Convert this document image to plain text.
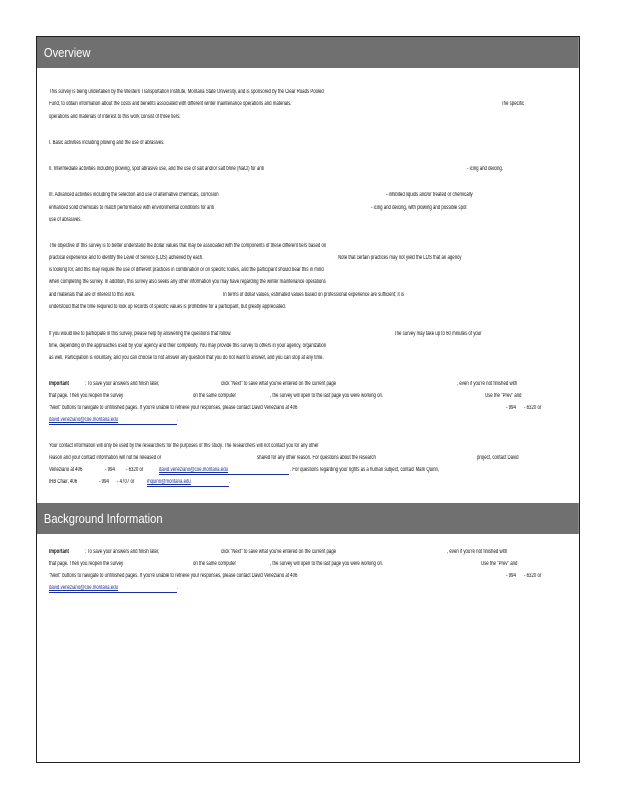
Overview
This survey is being undertaken by the Western Transportation Institute, Montana State University, and is sponsored by the Clear Roads Pooled
Fund, to obtain information about the costs and benefits associated with different winter maintenance operations and materials.	The specific
operations and materials of interest to this work consist of three tiers:
I. Basic activities including plowing and the use of abrasives.
II. Intermediate activities including plowing, spot abrasive use, and the use of salt and/or salt brine (NaCl) for anti	- icing and deicing.
III. Advanced activities including the selection and use of alternative chemicals, corrosion	- inhibited liquids and/or treated or chemically
enhanced solid chemicals to match performance with environmental conditions for anti	- icing and deicing, with plowing and possible spot
use of abrasives.
The objective of this survey is to better understand the dollar values that may be associated with the components of these different tiers based on
practical experience and to identify the Level of Service (LOS) achieved by each.	Note that certain practices may not yield the LOS that an agency
is looking for, and this may require the use of different practices in combination or on specific routes, and the participant should bear this in mind
when completing the survey. In addition, this survey also seeks any other information you may have regarding the winter maintenance operations
and materials that are of interest to this work.	In terms of dollar values, estimated values based on professional experience are sufficient; it is
understood that the time required to look up records of specific values is prohibitive for a participant, but greatly appreciated.
If you would like to participate in this survey, please help by answering the questions that follow.	The survey may take up to 60 minutes of your
time, depending on the approaches used by your agency and their complexity. You may provide this survey to others in your agency, organization
as well. Participation is voluntary, and you can choose to not answer any question that you do not want to answer, and you can stop at any time.
Important	: To save your answers and finish later,	click "Next" to save what you've entered on the current page	, even if you're not finished with
that page. Then you reopen the survey	on the same computer	, the survey will open to the last page you were working on.	Use the "Prev" and
"Next" buttons to navigate to unfinished pages. If you're unable to retrieve your responses, please contact David Veneziano at 406	- 994 - 6320 or
david.veneziano@coe.montana.edu	.
Your contact information will only be used by the researchers for the purposes of this study. The researchers will not contact you for any other
reason and your contact information will not be released or	shared for any other reason. For questions about the research	project, contact David
Veneziano at 406	- 994 - 6320 or	david.veneziano@coe.montana.edu	. For questions regarding your rights as a human subject, contact Mark Quinn,
IRB Chair, 406	- 994 - 4707 or mquinn@montana.edu	.
Background Information
Important	: To save your answers and finish later,	click "Next" to save what you've entered on the current page	, even if you're not finished with
that page. Then you reopen the survey	on the same computer	, the survey will open to the last page you were working on.	Use the "Prev" and
"Next" buttons to navigate to unfinished pages. If you're unable to retrieve your responses, please contact David Veneziano at 406	- 994 - 6320 or
david.veneziano@coe.montana.edu	.
